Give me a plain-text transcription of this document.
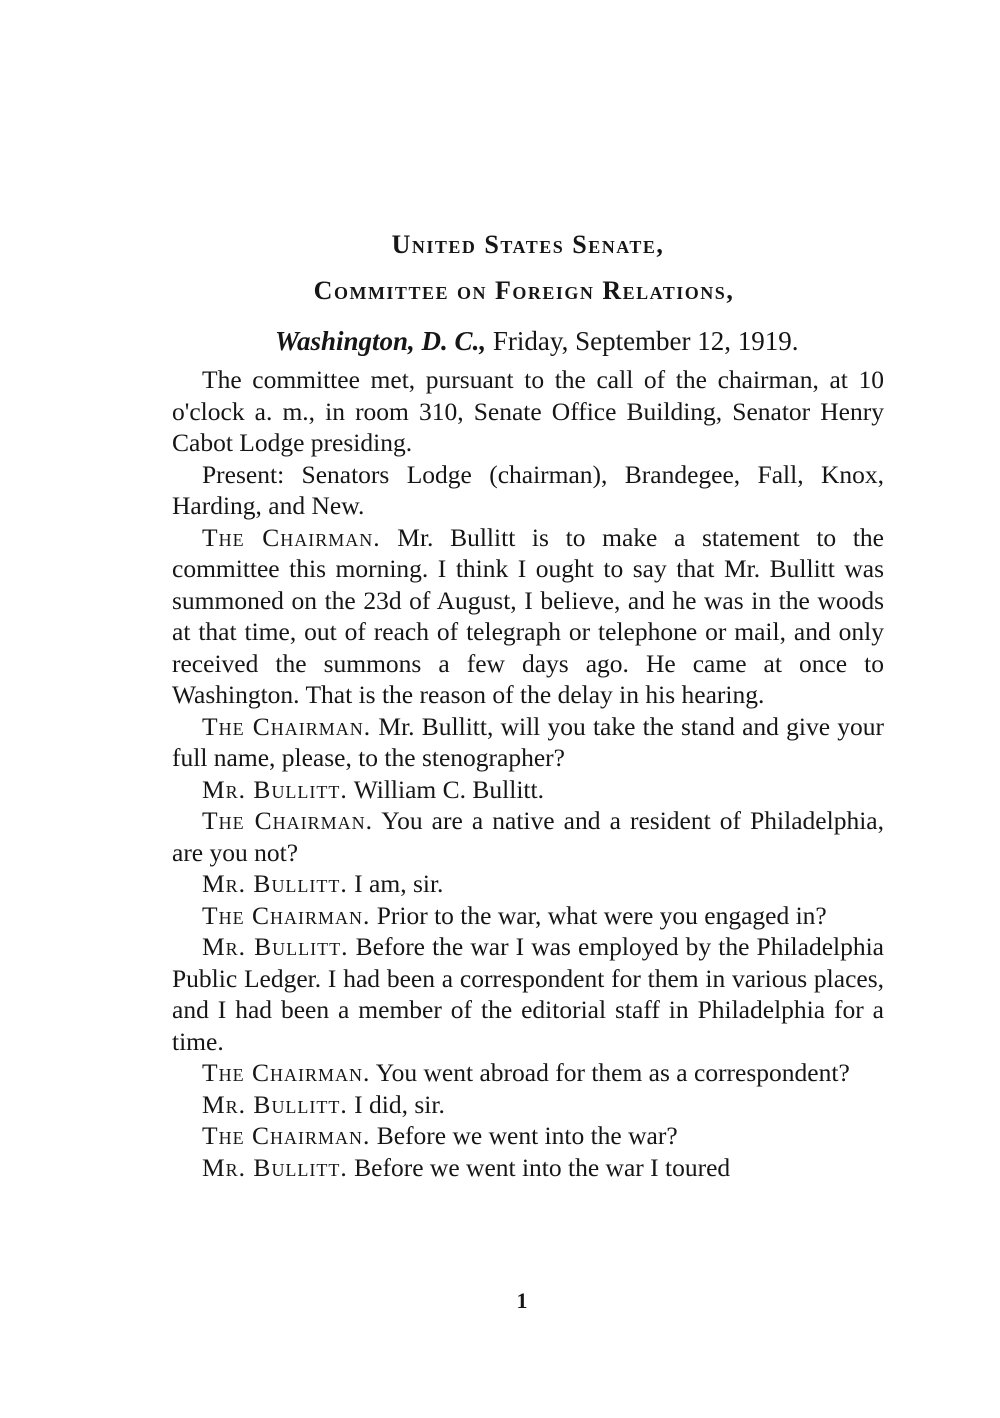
United States Senate,
Committee on Foreign Relations,
Washington, D. C., Friday, September 12, 1919.

The committee met, pursuant to the call of the chairman, at 10 o'clock a. m., in room 310, Senate Office Building, Senator Henry Cabot Lodge presiding.

Present: Senators Lodge (chairman), Brandegee, Fall, Knox, Harding, and New.

The Chairman. Mr. Bullitt is to make a statement to the committee this morning. I think I ought to say that Mr. Bullitt was summoned on the 23d of August, I believe, and he was in the woods at that time, out of reach of telegraph or telephone or mail, and only received the summons a few days ago. He came at once to Washington. That is the reason of the delay in his hearing.

The Chairman. Mr. Bullitt, will you take the stand and give your full name, please, to the stenographer?

Mr. Bullitt. William C. Bullitt.

The Chairman. You are a native and a resident of Philadelphia, are you not?

Mr. Bullitt. I am, sir.

The Chairman. Prior to the war, what were you engaged in?

Mr. Bullitt. Before the war I was employed by the Philadelphia Public Ledger. I had been a correspondent for them in various places, and I had been a member of the editorial staff in Philadelphia for a time.

The Chairman. You went abroad for them as a correspondent?

Mr. Bullitt. I did, sir.

The Chairman. Before we went into the war?

Mr. Bullitt. Before we went into the war I toured

1
